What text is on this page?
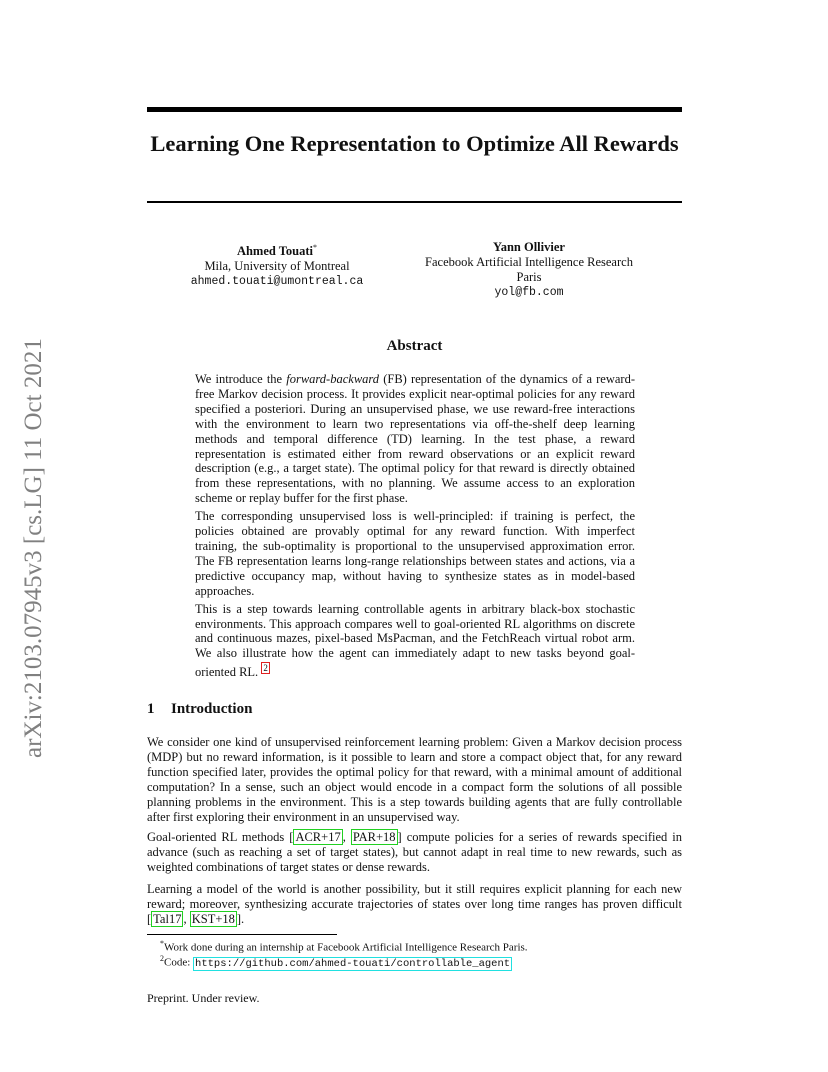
arXiv:2103.07945v3 [cs.LG] 11 Oct 2021
Learning One Representation to Optimize All Rewards
Ahmed Touati*
Mila, University of Montreal
ahmed.touati@umontreal.ca
Yann Ollivier
Facebook Artificial Intelligence Research
Paris
yol@fb.com
Abstract

We introduce the forward-backward (FB) representation of the dynamics of a reward-free Markov decision process. It provides explicit near-optimal policies for any reward specified a posteriori. During an unsupervised phase, we use reward-free interactions with the environment to learn two representations via off-the-shelf deep learning methods and temporal difference (TD) learning. In the test phase, a reward representation is estimated either from reward observations or an explicit reward description (e.g., a target state). The optimal policy for that reward is directly obtained from these representations, with no planning. We assume access to an exploration scheme or replay buffer for the first phase.

The corresponding unsupervised loss is well-principled: if training is perfect, the policies obtained are provably optimal for any reward function. With imperfect training, the sub-optimality is proportional to the unsupervised approximation error. The FB representation learns long-range relationships between states and actions, via a predictive occupancy map, without having to synthesize states as in model-based approaches.

This is a step towards learning controllable agents in arbitrary black-box stochastic environments. This approach compares well to goal-oriented RL algorithms on discrete and continuous mazes, pixel-based MsPacman, and the FetchReach virtual robot arm. We also illustrate how the agent can immediately adapt to new tasks beyond goal-oriented RL. $^2$

1 Introduction
We consider one kind of unsupervised reinforcement learning problem: Given a Markov decision process (MDP) but no reward information, is it possible to learn and store a compact object that, for any reward function specified later, provides the optimal policy for that reward, with a minimal amount of additional computation? In a sense, such an object would encode in a compact form the solutions of all possible planning problems in the environment. This is a step towards building agents that are fully controllable after first exploring their environment in an unsupervised way.
Goal-oriented RL methods [ ACR+17 , PAR+18 ] compute policies for a series of rewards specified in advance (such as reaching a set of target states), but cannot adapt in real time to new rewards, such as weighted combinations of target states or dense rewards.
Learning a model of the world is another possibility, but it still requires explicit planning for each new reward; moreover, synthesizing accurate trajectories of states over long time ranges has proven difficult [ Tal17 , KST+18 ].
*Work done during an internship at Facebook Artificial Intelligence Research Paris.
$^2$Code: https://github.com/ahmed-touati/controllable_agent
Preprint. Under review.
